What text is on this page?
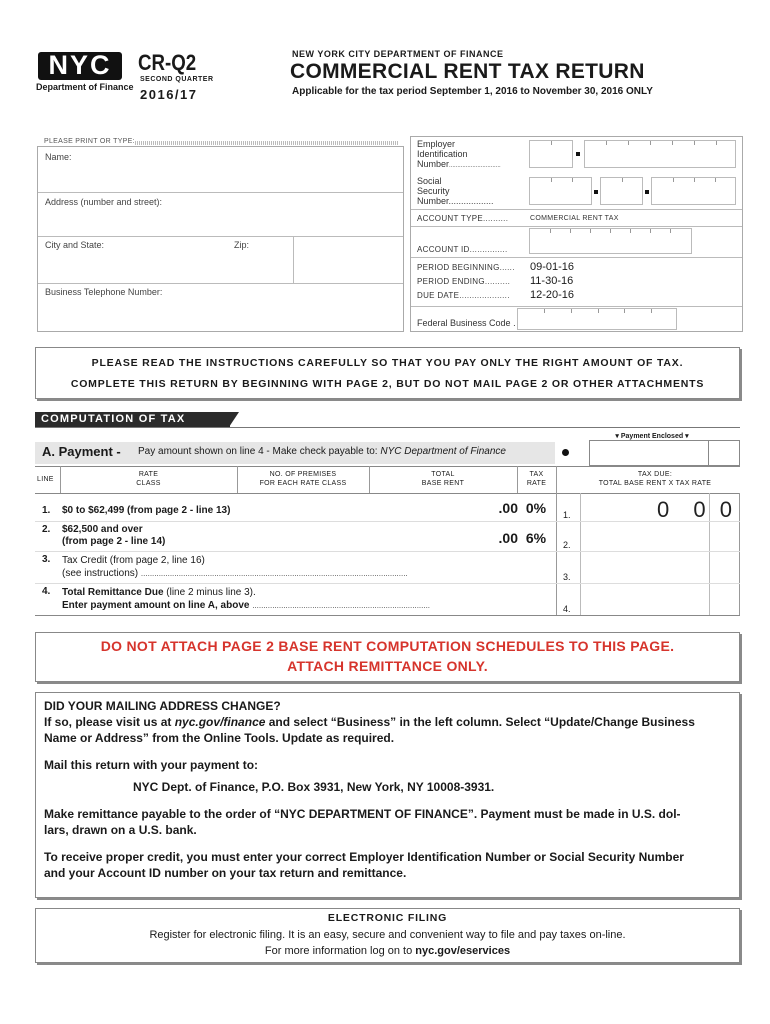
NYC
Department of Finance
CR-Q2
SECOND QUARTER
2016/17
NEW YORK CITY DEPARTMENT OF FINANCE
COMMERCIAL RENT TAX RETURN
Applicable for the tax period September 1, 2016 to November 30, 2016 ONLY
PLEASE PRINT OR TYPE:
Name:
Address (number and street):
City and State:	Zip:
Business Telephone Number:
Employer
Identification
Number...............................
Social
Security
Number..................
ACCOUNT TYPE..........	COMMERCIAL RENT TAX
ACCOUNT ID...............
PERIOD BEGINNING...... 09-01-16
PERIOD ENDING.......... 11-30-16
DUE DATE.................... 12-20-16
Federal Business Code .
PLEASE READ THE INSTRUCTIONS CAREFULLY SO THAT YOU PAY ONLY THE RIGHT AMOUNT OF TAX.
COMPLETE THIS RETURN BY BEGINNING WITH PAGE 2, BUT DO NOT MAIL PAGE 2 OR OTHER ATTACHMENTS
COMPUTATION OF TAX
▾ Payment Enclosed ▾
A. Payment - Pay amount shown on line 4 - Make check payable to: NYC Department of Finance
LINE
RATE
CLASS
NO. OF PREMISES
FOR EACH RATE CLASS
TOTAL
BASE RENT
TAX
RATE
TAX DUE:
TOTAL BASE RENT X TAX RATE
1. $0 to $62,499 (from page 2 - line 13)	.00 0%	1.	0  0 0
2. $62,500 and over
(from page 2 - line 14)	.00 6%	2.
3. Tax Credit (from page 2, line 16)
(see instructions) ........................................................................................................................	3.
4. Total Remittance Due (line 2 minus line 3).
Enter payment amount on line A, above ................................................................................	4.
DO NOT ATTACH PAGE 2 BASE RENT COMPUTATION SCHEDULES TO THIS PAGE.
ATTACH REMITTANCE ONLY.
DID YOUR MAILING ADDRESS CHANGE?
If so, please visit us at nyc.gov/finance and select “Business” in the left column. Select “Update/Change Business
Name or Address” from the Online Tools. Update as required.
Mail this return with your payment to:
NYC Dept. of Finance, P.O. Box 3931, New York, NY 10008-3931.
Make remittance payable to the order of “NYC DEPARTMENT OF FINANCE”. Payment must be made in U.S. dol-
lars, drawn on a U.S. bank.
To receive proper credit, you must enter your correct Employer Identification Number or Social Security Number
and your Account ID number on your tax return and remittance.
ELECTRONIC FILING
Register for electronic filing. It is an easy, secure and convenient way to file and pay taxes on-line.
For more information log on to nyc.gov/eservices
